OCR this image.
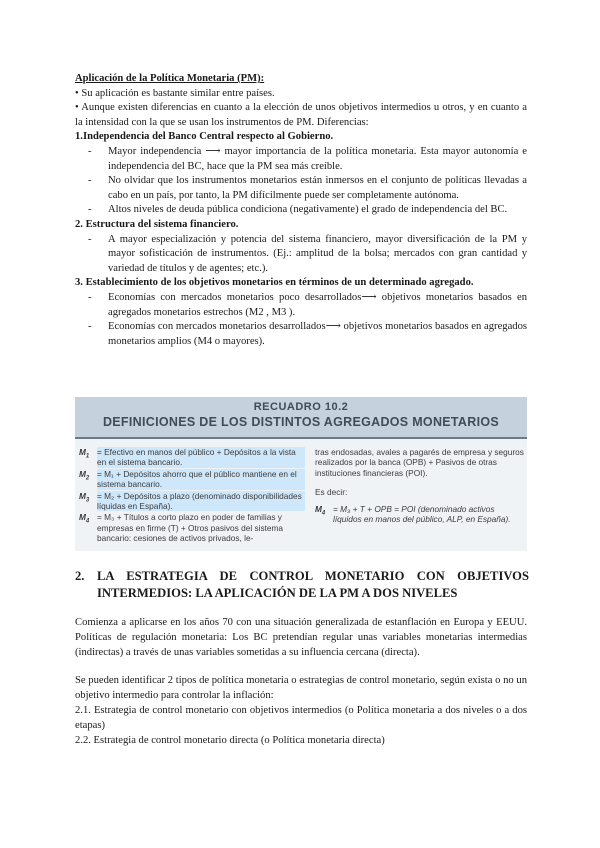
Aplicación de la Política Monetaria (PM):

• Su aplicación es bastante similar entre países.

• Aunque existen diferencias en cuanto a la elección de unos objetivos intermedios u otros, y en cuanto a la intensidad con la que se usan los instrumentos de PM. Diferencias:

1.Independencia del Banco Central respecto al Gobierno.

- Mayor independencia ⟶ mayor importancia de la política monetaria. Esta mayor autonomía e independencia del BC, hace que la PM sea más creíble.
- No olvidar que los instrumentos monetarios están inmersos en el conjunto de políticas llevadas a cabo en un país, por tanto, la PM difícilmente puede ser completamente autónoma.
- Altos niveles de deuda pública condiciona (negativamente) el grado de independencia del BC.

2. Estructura del sistema financiero.

- A mayor especialización y potencia del sistema financiero, mayor diversificación de la PM y mayor sofisticación de instrumentos. (Ej.: amplitud de la bolsa; mercados con gran cantidad y variedad de títulos y de agentes; etc.).

3. Establecimiento de los objetivos monetarios en términos de un determinado agregado.

- Economías con mercados monetarios poco desarrollados⟶ objetivos monetarios basados en agregados monetarios estrechos (M2 , M3 ).
- Economías con mercados monetarios desarrollados⟶ objetivos monetarios basados en agregados monetarios amplios (M4 o mayores).
RECUADRO 10.2
DEFINICIONES DE LOS DISTINTOS AGREGADOS MONETARIOS
$M_1$ = Efectivo en manos del público + Depósitos a la vista en el sistema bancario.
$M_2 = M_1$ + Depósitos ahorro que el público mantiene en el sistema bancario.
$M_3 = M_2$ + Depósitos a plazo (denominado disponibilidades líquidas en España).
$M_4 = M_3$ + Títulos a corto plazo en poder de familias y empresas en firme (T) + Otros pasivos del sistema bancario: cesiones de activos privados, le-
tras endosadas, avales a pagarés de empresa y seguros realizados por la banca (OPB) + Pasivos de otras instituciones financieras (POI).
Es decir:
$M_4 = M_3 + T$ + OPB = POI (denominado activos líquidos en manos del público, ALP, en España).
2. LA ESTRATEGIA DE CONTROL MONETARIO CON OBJETIVOS INTERMEDIOS: LA APLICACIÓN DE LA PM A DOS NIVELES

Comienza a aplicarse en los años 70 con una situación generalizada de estanflación en Europa y EEUU. Políticas de regulación monetaria: Los BC pretendían regular unas variables monetarias intermedias (indirectas) a través de unas variables sometidas a su influencia cercana (directa).

Se pueden identificar 2 tipos de política monetaria o estrategias de control monetario, según exista o no un objetivo intermedio para controlar la inflación:

2.1. Estrategia de control monetario con objetivos intermedios (o Política monetaria a dos niveles o a dos etapas)

2.2. Estrategia de control monetario directa (o Política monetaria directa)
